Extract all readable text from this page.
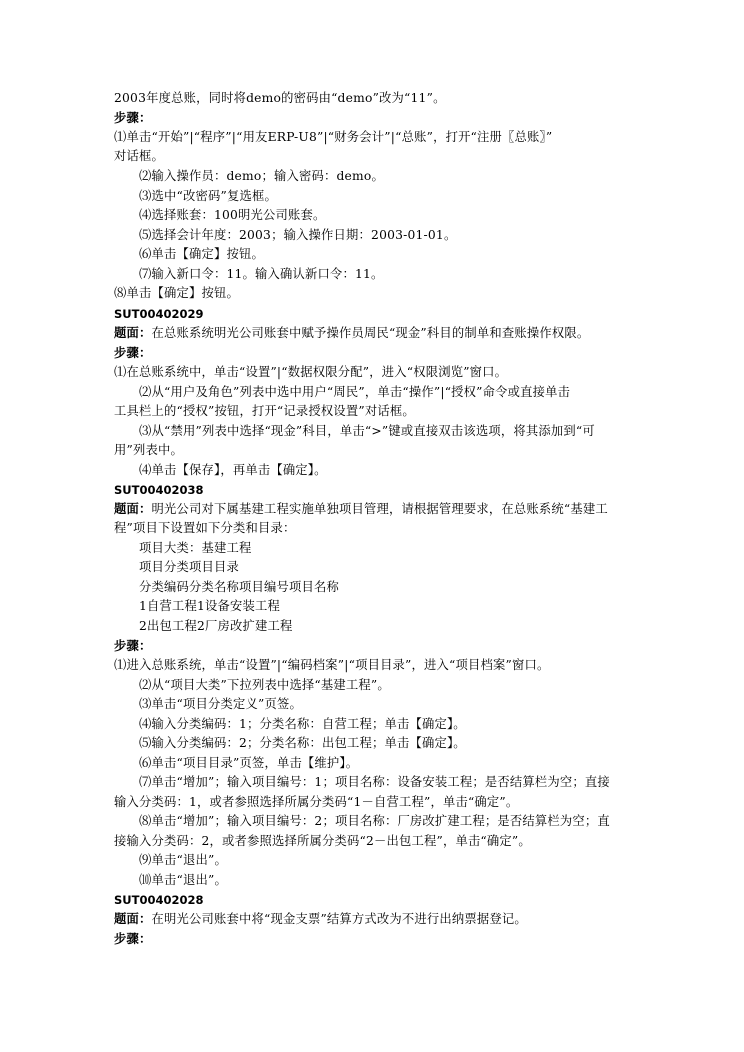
2003年度总账，同时将demo的密码由“demo”改为“11”。
步骤：
⑴单击“开始”|“程序”|“用友ERP-U8”|“财务会计”|“总账”，打开“注册〖总账〗”
对话框。
⑵输入操作员：demo；输入密码：demo。
⑶选中“改密码”复选框。
⑷选择账套：100明光公司账套。
⑸选择会计年度：2003；输入操作日期：2003-01-01。
⑹单击【确定】按钮。
⑺输入新口令：11。输入确认新口令：11。
⑻单击【确定】按钮。
SUT00402029
题面：在总账系统明光公司账套中赋予操作员周民“现金”科目的制单和查账操作权限。
步骤：
⑴在总账系统中，单击“设置”|“数据权限分配”，进入“权限浏览”窗口。
⑵从“用户及角色”列表中选中用户“周民”，单击“操作”|“授权”命令或直接单击
工具栏上的“授权”按钮，打开“记录授权设置”对话框。
⑶从“禁用”列表中选择“现金”科目，单击“>”键或直接双击该选项，将其添加到“可
用”列表中。
⑷单击【保存】，再单击【确定】。
SUT00402038
题面：明光公司对下属基建工程实施单独项目管理，请根据管理要求，在总账系统“基建工
程”项目下设置如下分类和目录：
项目大类：基建工程
项目分类项目目录
分类编码分类名称项目编号项目名称
1自营工程1设备安装工程
2出包工程2厂房改扩建工程
步骤：
⑴进入总账系统，单击“设置”|“编码档案”|“项目目录”，进入“项目档案”窗口。
⑵从“项目大类”下拉列表中选择“基建工程”。
⑶单击“项目分类定义”页签。
⑷输入分类编码：1；分类名称：自营工程；单击【确定】。
⑸输入分类编码：2；分类名称：出包工程；单击【确定】。
⑹单击“项目目录”页签，单击【维护】。
⑺单击“增加”；输入项目编号：1；项目名称：设备安装工程；是否结算栏为空；直接
输入分类码：1，或者参照选择所属分类码“1－自营工程”，单击“确定”。
⑻单击“增加”；输入项目编号：2；项目名称：厂房改扩建工程；是否结算栏为空；直
接输入分类码：2，或者参照选择所属分类码“2－出包工程”，单击“确定”。
⑼单击“退出”。
⑽单击“退出”。
SUT00402028
题面：在明光公司账套中将“现金支票”结算方式改为不进行出纳票据登记。
步骤：
